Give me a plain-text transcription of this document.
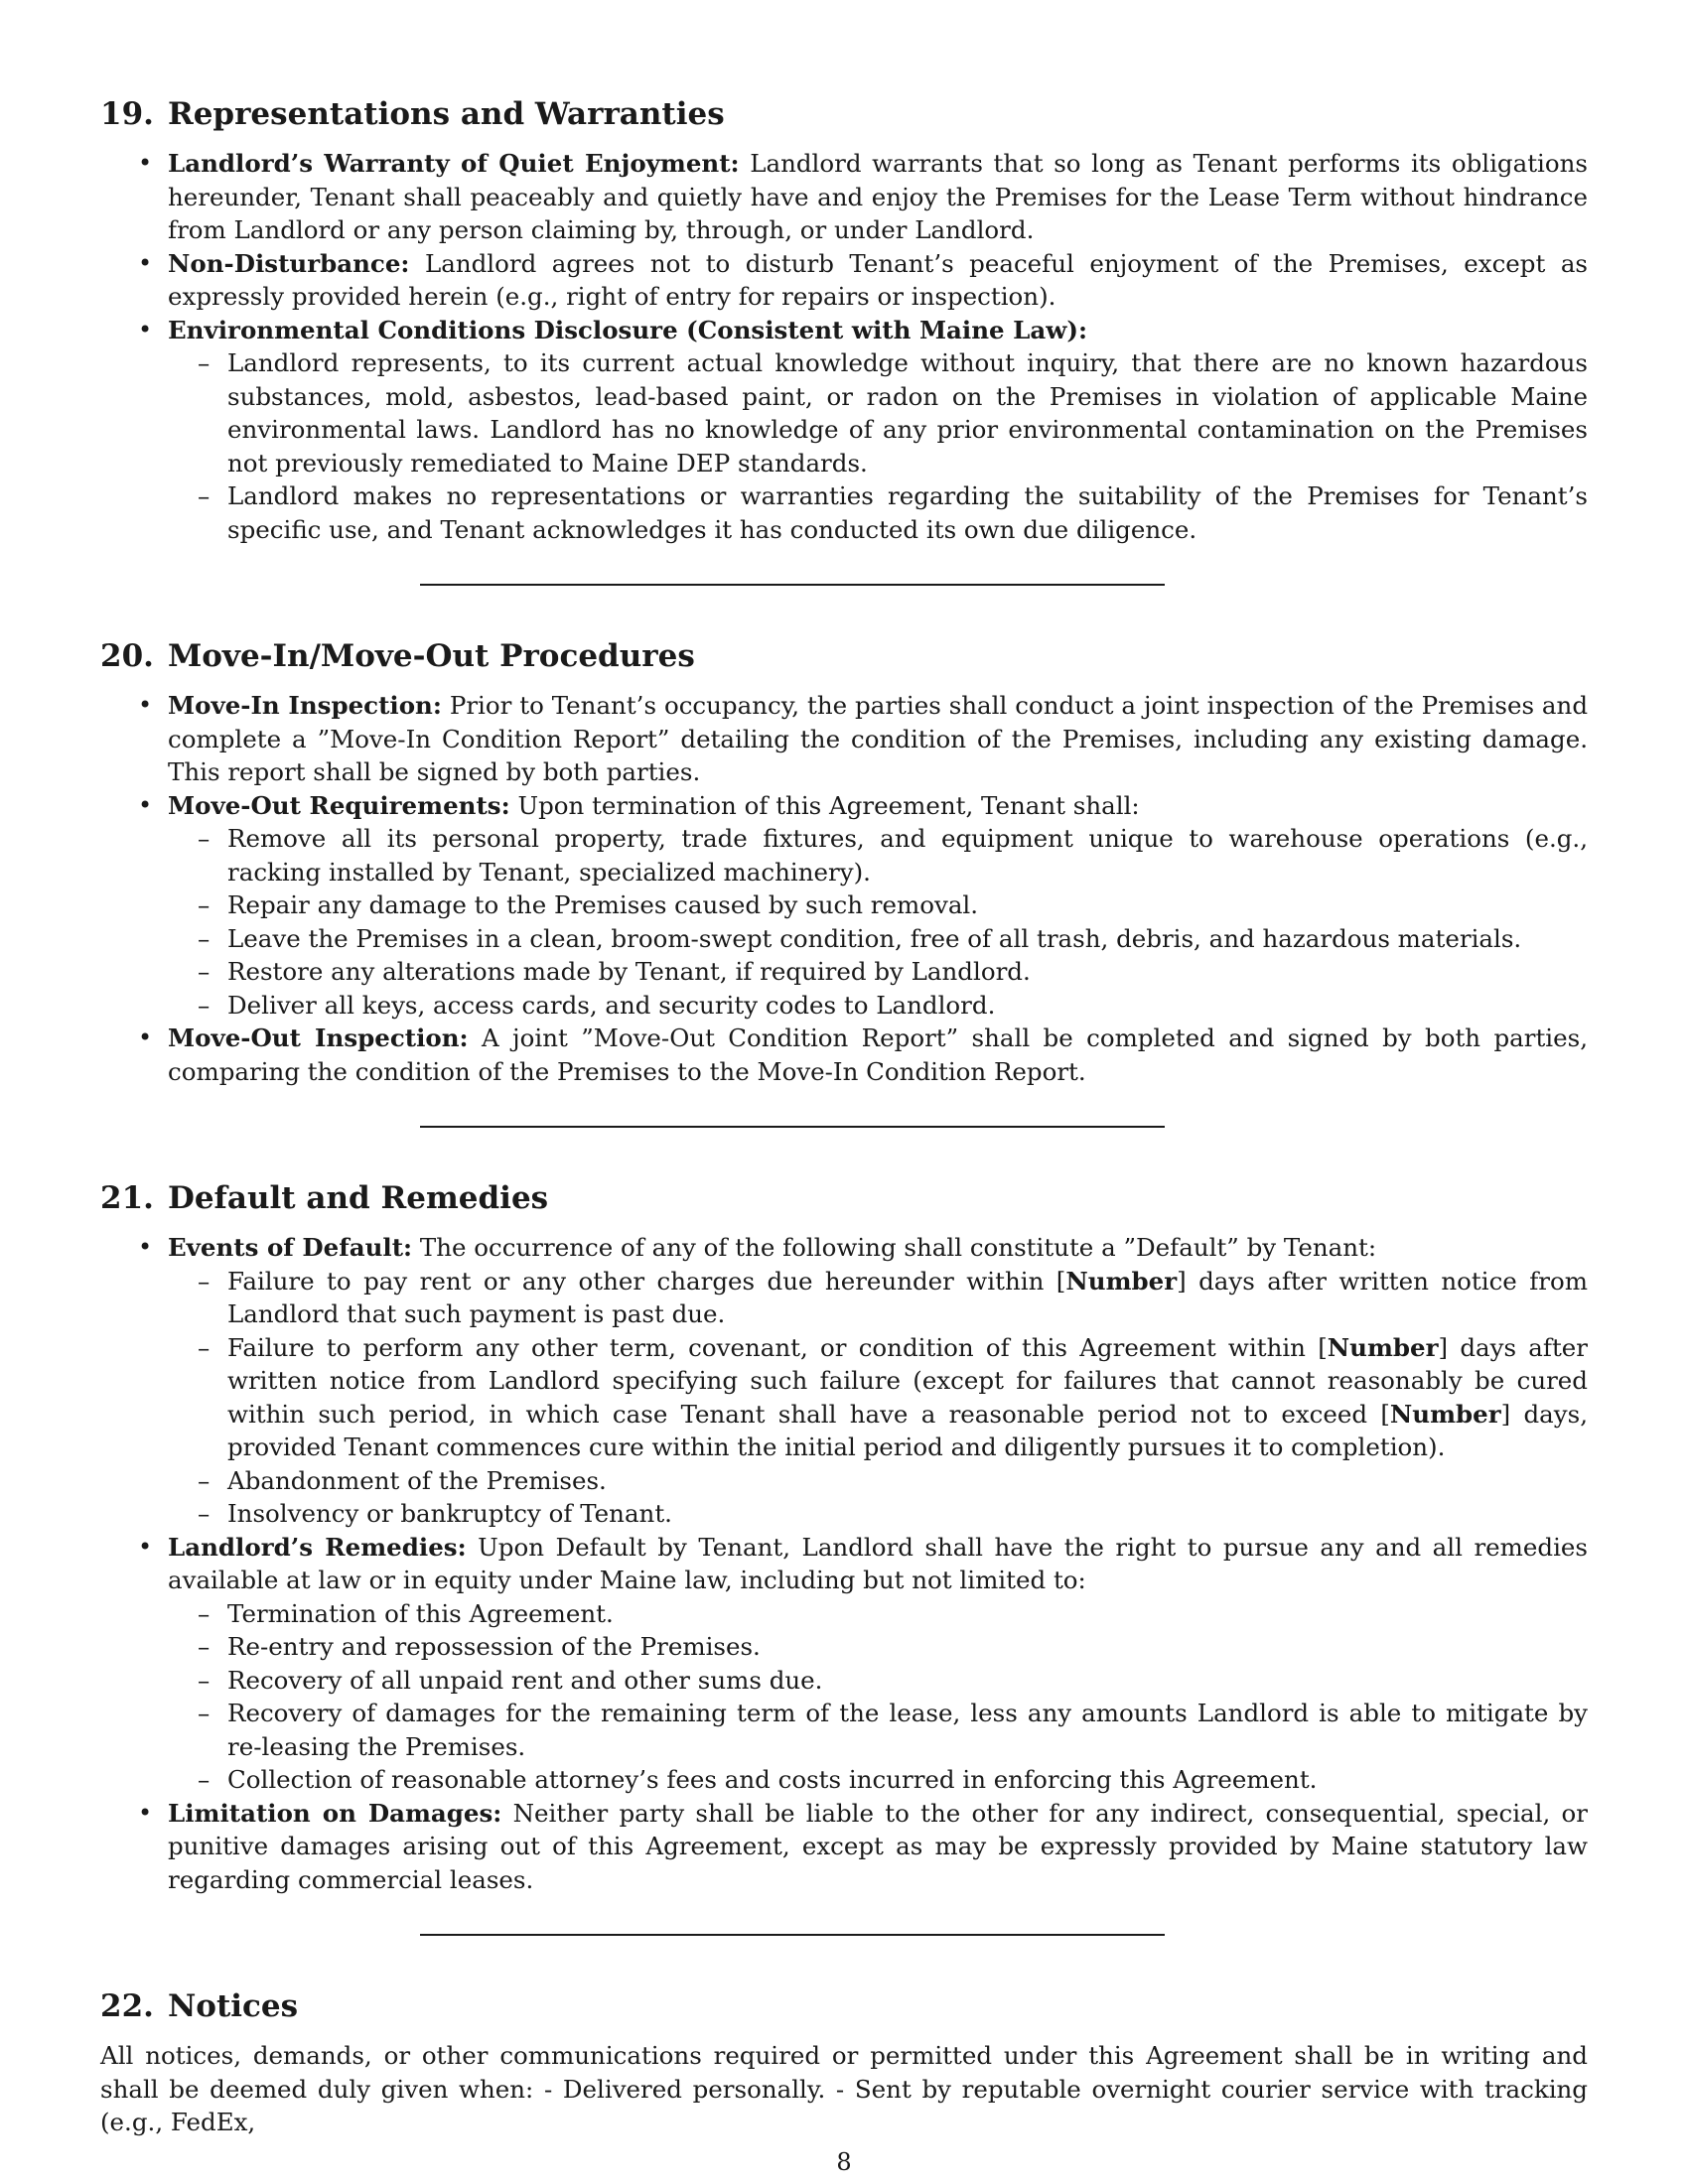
19. Representations and Warranties
• Landlord’s Warranty of Quiet Enjoyment: Landlord warrants that so long as Tenant performs its obligations hereunder, Tenant shall peaceably and quietly have and enjoy the Premises for the Lease Term without hindrance from Landlord or any person claiming by, through, or under Landlord.
• Non-Disturbance: Landlord agrees not to disturb Tenant’s peaceful enjoyment of the Premises, except as expressly provided herein (e.g., right of entry for repairs or inspection).
• Environmental Conditions Disclosure (Consistent with Maine Law):
– Landlord represents, to its current actual knowledge without inquiry, that there are no known hazardous substances, mold, asbestos, lead-based paint, or radon on the Premises in violation of applicable Maine environmental laws. Landlord has no knowledge of any prior environmental contamination on the Premises not previously remediated to Maine DEP standards.
– Landlord makes no representations or warranties regarding the suitability of the Premises for Tenant’s specific use, and Tenant acknowledges it has conducted its own due diligence.
20. Move-In/Move-Out Procedures
• Move-In Inspection: Prior to Tenant’s occupancy, the parties shall conduct a joint inspection of the Premises and complete a ”Move-In Condition Report” detailing the condition of the Premises, including any existing damage. This report shall be signed by both parties.
• Move-Out Requirements: Upon termination of this Agreement, Tenant shall:
– Remove all its personal property, trade fixtures, and equipment unique to warehouse operations (e.g., racking installed by Tenant, specialized machinery).
– Repair any damage to the Premises caused by such removal.
– Leave the Premises in a clean, broom-swept condition, free of all trash, debris, and hazardous materials.
– Restore any alterations made by Tenant, if required by Landlord.
– Deliver all keys, access cards, and security codes to Landlord.
• Move-Out Inspection: A joint ”Move-Out Condition Report” shall be completed and signed by both parties, comparing the condition of the Premises to the Move-In Condition Report.
21. Default and Remedies
• Events of Default: The occurrence of any of the following shall constitute a ”Default” by Tenant:
– Failure to pay rent or any other charges due hereunder within [Number] days after written notice from Landlord that such payment is past due.
– Failure to perform any other term, covenant, or condition of this Agreement within [Number] days after written notice from Landlord specifying such failure (except for failures that cannot reasonably be cured within such period, in which case Tenant shall have a reasonable period not to exceed [Number] days, provided Tenant commences cure within the initial period and diligently pursues it to completion).
– Abandonment of the Premises.
– Insolvency or bankruptcy of Tenant.
• Landlord’s Remedies: Upon Default by Tenant, Landlord shall have the right to pursue any and all remedies available at law or in equity under Maine law, including but not limited to:
– Termination of this Agreement.
– Re-entry and repossession of the Premises.
– Recovery of all unpaid rent and other sums due.
– Recovery of damages for the remaining term of the lease, less any amounts Landlord is able to mitigate by re-leasing the Premises.
– Collection of reasonable attorney’s fees and costs incurred in enforcing this Agreement.
• Limitation on Damages: Neither party shall be liable to the other for any indirect, consequential, special, or punitive damages arising out of this Agreement, except as may be expressly provided by Maine statutory law regarding commercial leases.
22. Notices

All notices, demands, or other communications required or permitted under this Agreement shall be in writing and shall be deemed duly given when: - Delivered personally. - Sent by reputable overnight courier service with tracking (e.g., FedEx,

8
